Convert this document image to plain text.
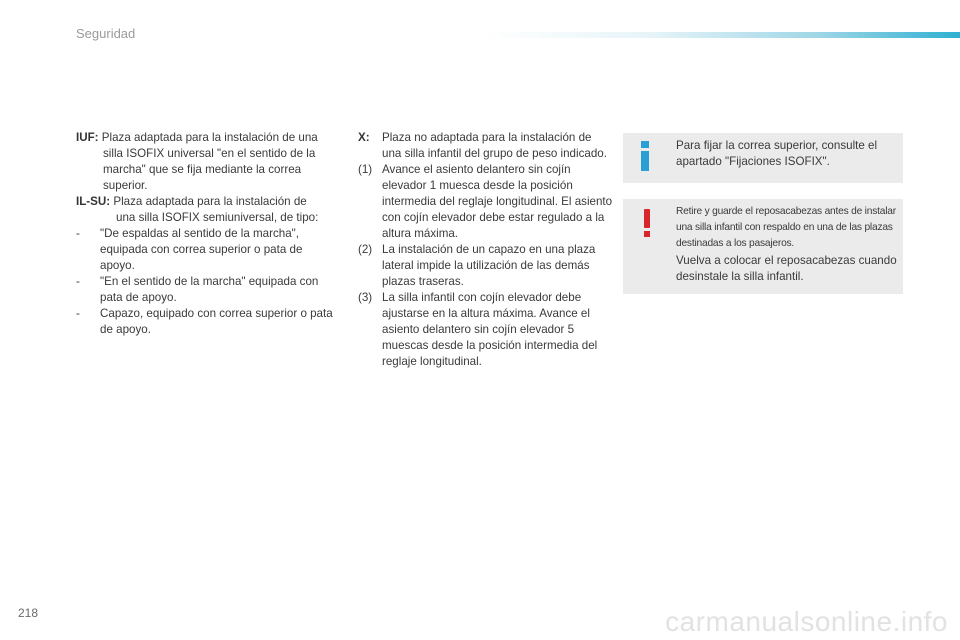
Seguridad

IUF: Plaza adaptada para la instalación de una

silla ISOFIX universal "en el sentido de la marcha" que se fija mediante la correa superior.

IL-SU: Plaza adaptada para la instalación de

una silla ISOFIX semiuniversal, de tipo:

- "De espaldas al sentido de la marcha", equipada con correa superior o pata de apoyo.
- "En el sentido de la marcha" equipada con pata de apoyo.
- Capazo, equipado con correa superior o pata de apoyo.
X: Plaza no adaptada para la instalación de una silla infantil del grupo de peso indicado.
(1) Avance el asiento delantero sin cojín elevador 1 muesca desde la posición intermedia del reglaje longitudinal. El asiento con cojín elevador debe estar regulado a la altura máxima.
(2) La instalación de un capazo en una plaza lateral impide la utilización de las demás plazas traseras.
(3) La silla infantil con cojín elevador debe ajustarse en la altura máxima. Avance el asiento delantero sin cojín elevador 5 muescas desde la posición intermedia del reglaje longitudinal.
Para fijar la correa superior, consulte el apartado "Fijaciones ISOFIX".
Retire y guarde el reposacabezas antes de instalar una silla infantil con respaldo en una de las plazas destinadas a los pasajeros.
Vuelva a colocar el reposacabezas cuando desinstale la silla infantil.
218	carmanualsonline.info
